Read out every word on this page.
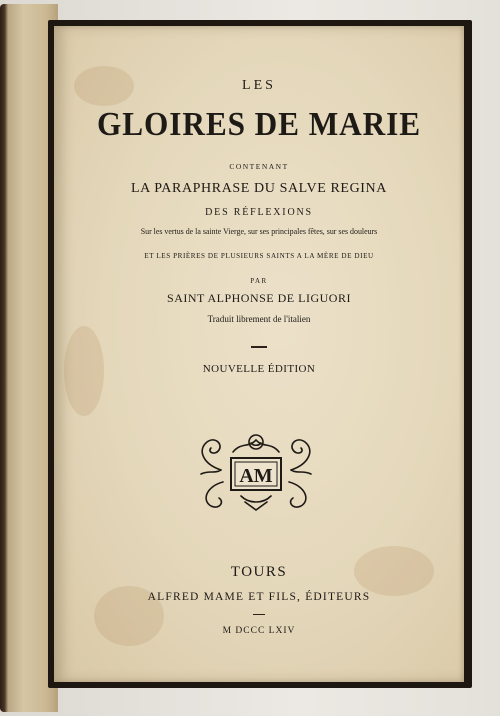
LES
GLOIRES DE MARIE
CONTENANT
LA PARAPHRASE DU SALVE REGINA
DES RÉFLEXIONS
Sur les vertus de la sainte Vierge, sur ses principales fêtes, sur ses douleurs
ET LES PRIÈRES DE PLUSIEURS SAINTS A LA MÈRE DE DIEU
PAR
SAINT ALPHONSE DE LIGUORI
Traduit librement de l'italien
NOUVELLE ÉDITION
AM
TOURS
ALFRED MAME ET FILS, ÉDITEURS
M DCCC LXIV
